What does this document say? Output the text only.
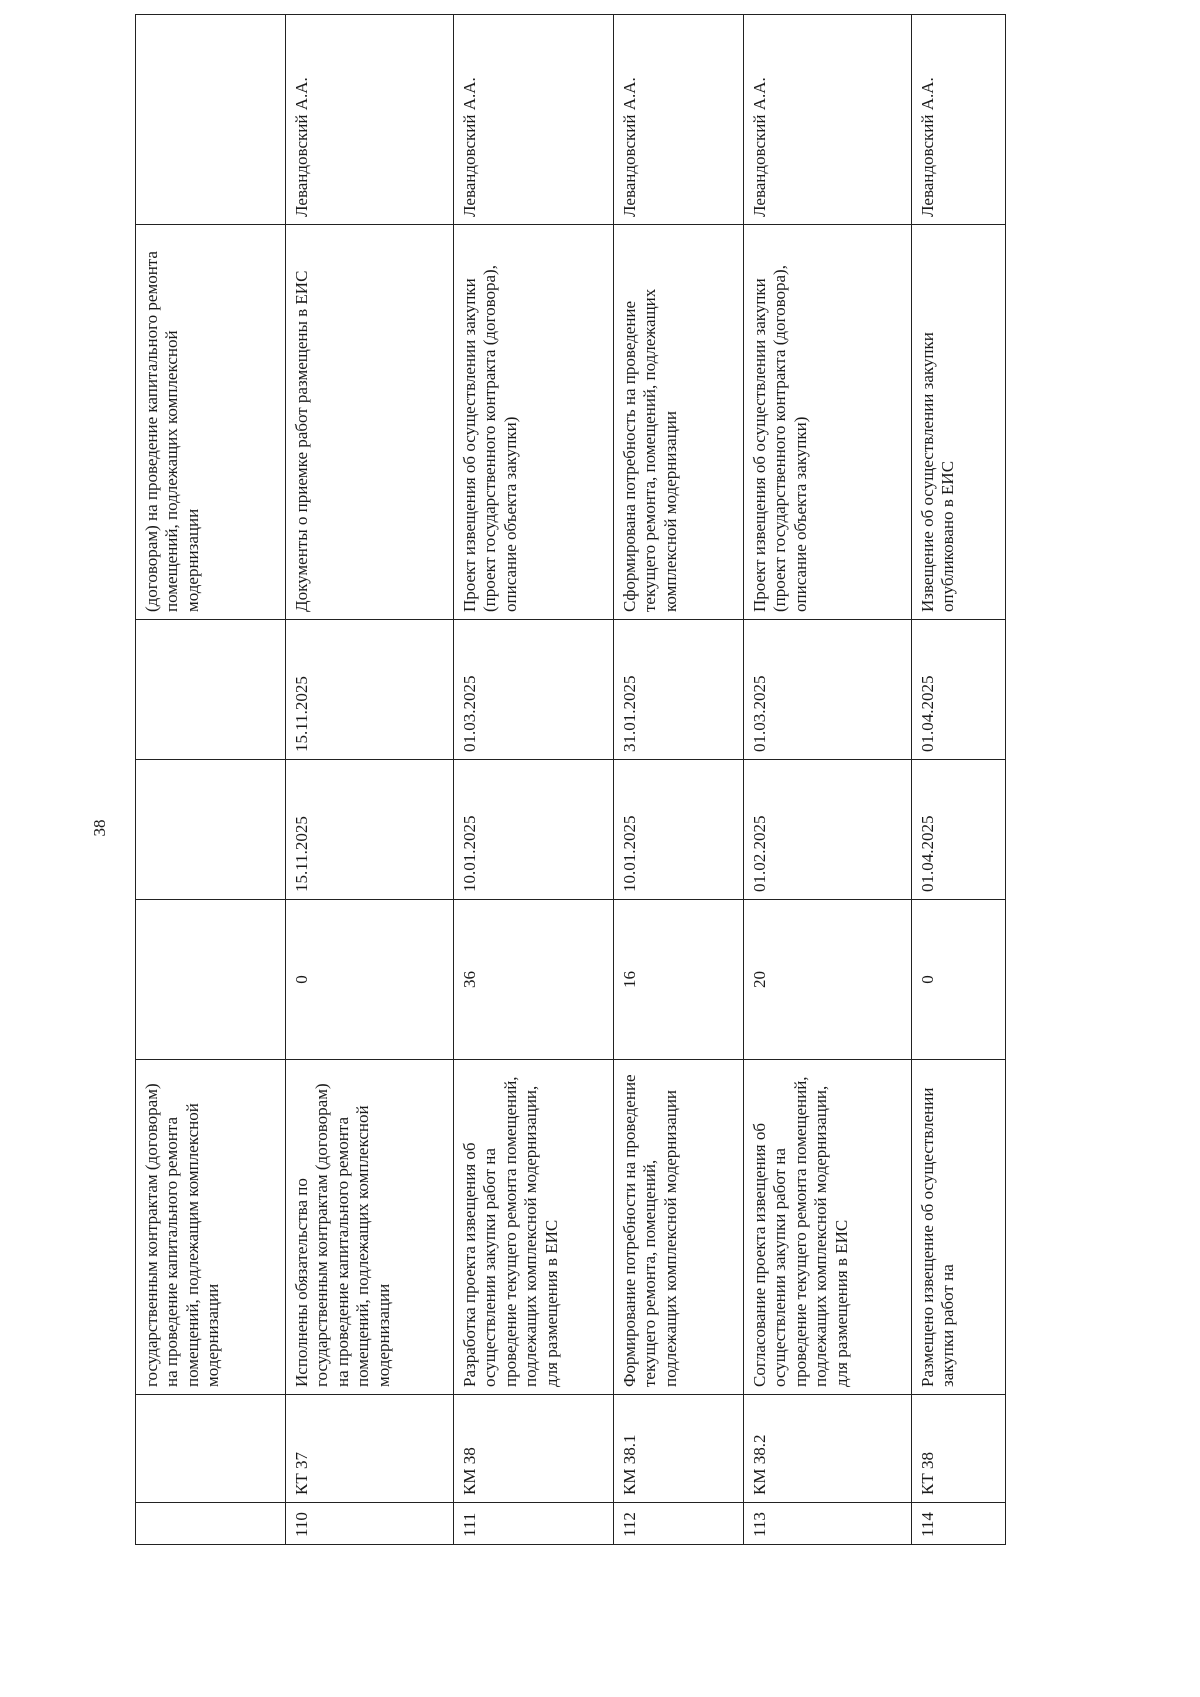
38
		государственным контрактам (договорам) на проведение капитального ремонта помещений, подлежащим комплексной модернизации				(договорам) на проведение капитального ремонта помещений, подлежащих комплексной модернизации	
110	КТ 37	Исполнены обязательства по государственным контрактам (договорам) на проведение капитального ремонта помещений, подлежащих комплексной модернизации	0	15.11.2025	15.11.2025	Документы о приемке работ размещены в ЕИС	Левандовский А.А.
111	КМ 38	Разработка проекта извещения об осуществлении закупки работ на проведение текущего ремонта помещений, подлежащих комплексной модернизации, для размещения в ЕИС	36	10.01.2025	01.03.2025	Проект извещения об осуществлении закупки (проект государственного контракта (договора), описание объекта закупки)	Левандовский А.А.
112	КМ 38.1	Формирование потребности на проведение текущего ремонта, помещений, подлежащих комплексной модернизации	16	10.01.2025	31.01.2025	Сформирована потребность на проведение текущего ремонта, помещений, подлежащих комплексной модернизации	Левандовский А.А.
113	КМ 38.2	Согласование проекта извещения об осуществлении закупки работ на проведение текущего ремонта помещений, подлежащих комплексной модернизации, для размещения в ЕИС	20	01.02.2025	01.03.2025	Проект извещения об осуществлении закупки (проект государственного контракта (договора), описание объекта закупки)	Левандовский А.А.
114	КТ 38	Размещено извещение об осуществлении закупки работ на	0	01.04.2025	01.04.2025	Извещение об осуществлении закупки опубликовано в ЕИС	Левандовский А.А.
